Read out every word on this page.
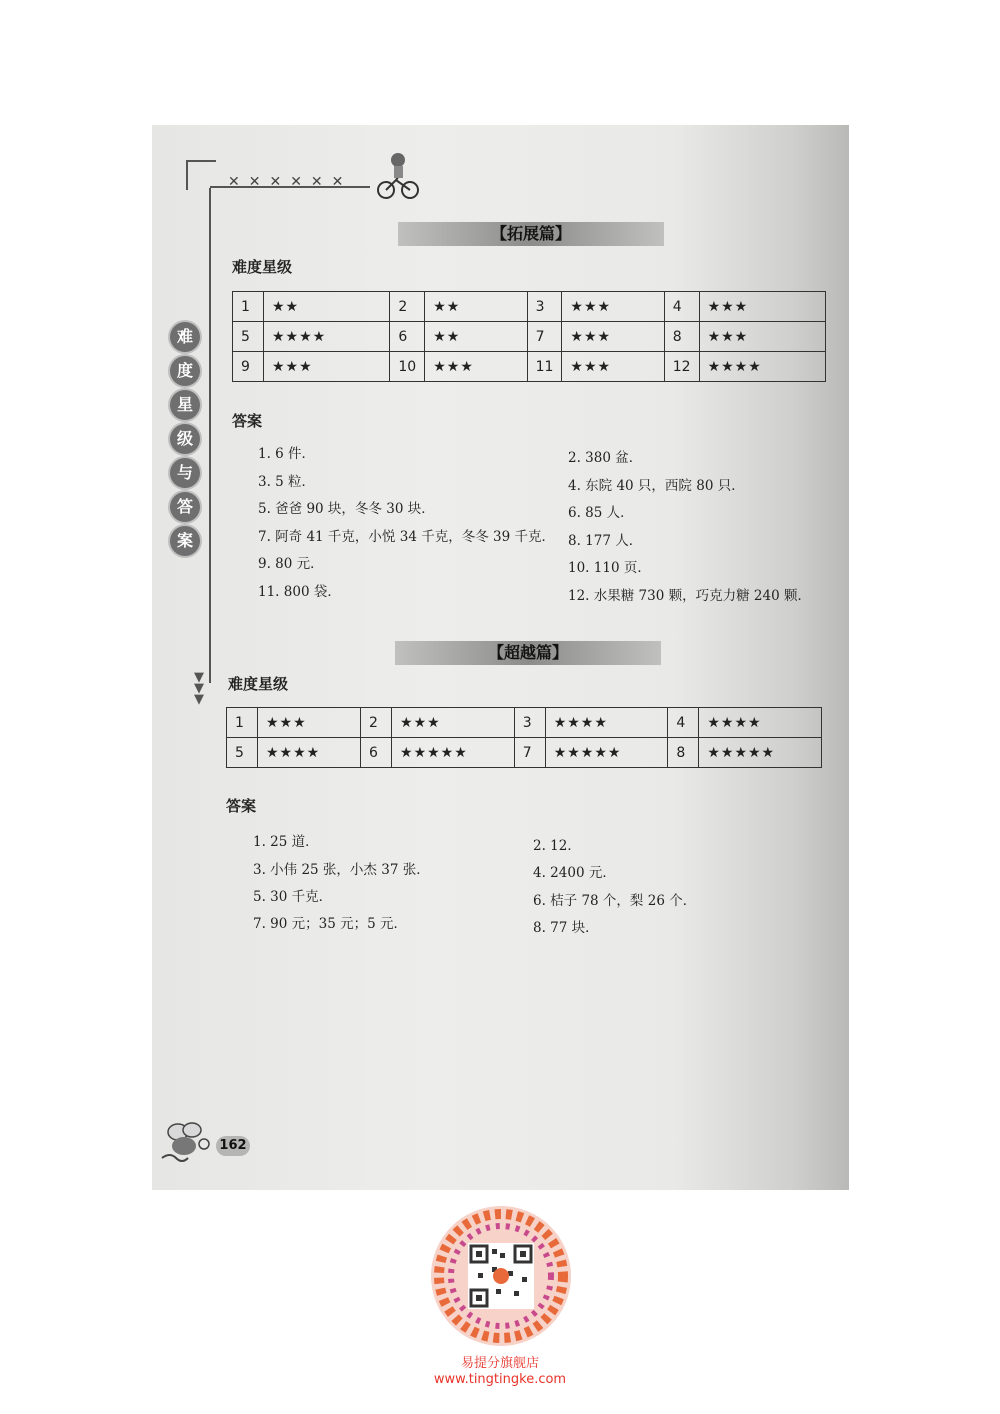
✕✕✕✕✕✕
▼
▼
▼
难
度
星
级
与
答
案
【拓展篇】
难度星级
1	★★	2	★★	3	★★★	4	★★★
5	★★★★	6	★★	7	★★★	8	★★★
9	★★★	10	★★★	11	★★★	12	★★★★
答案
1. 6 件．
3. 5 粒．
5. 爸爸 90 块，冬冬 30 块．
7. 阿奇 41 千克，小悦 34 千克，冬冬 39 千克．
9. 80 元．
11. 800 袋．
2. 380 盆．
4. 东院 40 只，西院 80 只．
6. 85 人．
8. 177 人．
10. 110 页．
12. 水果糖 730 颗，巧克力糖 240 颗．
【超越篇】
难度星级
1	★★★	2	★★★	3	★★★★	4	★★★★
5	★★★★	6	★★★★★	7	★★★★★	8	★★★★★
答案
1. 25 道．
3. 小伟 25 张，小杰 37 张．
5. 30 千克．
7. 90 元；35 元；5 元．
2. 12．
4. 2400 元．
6. 桔子 78 个，梨 26 个．
8. 77 块．
162
易提分旗舰店
www.tingtingke.com
